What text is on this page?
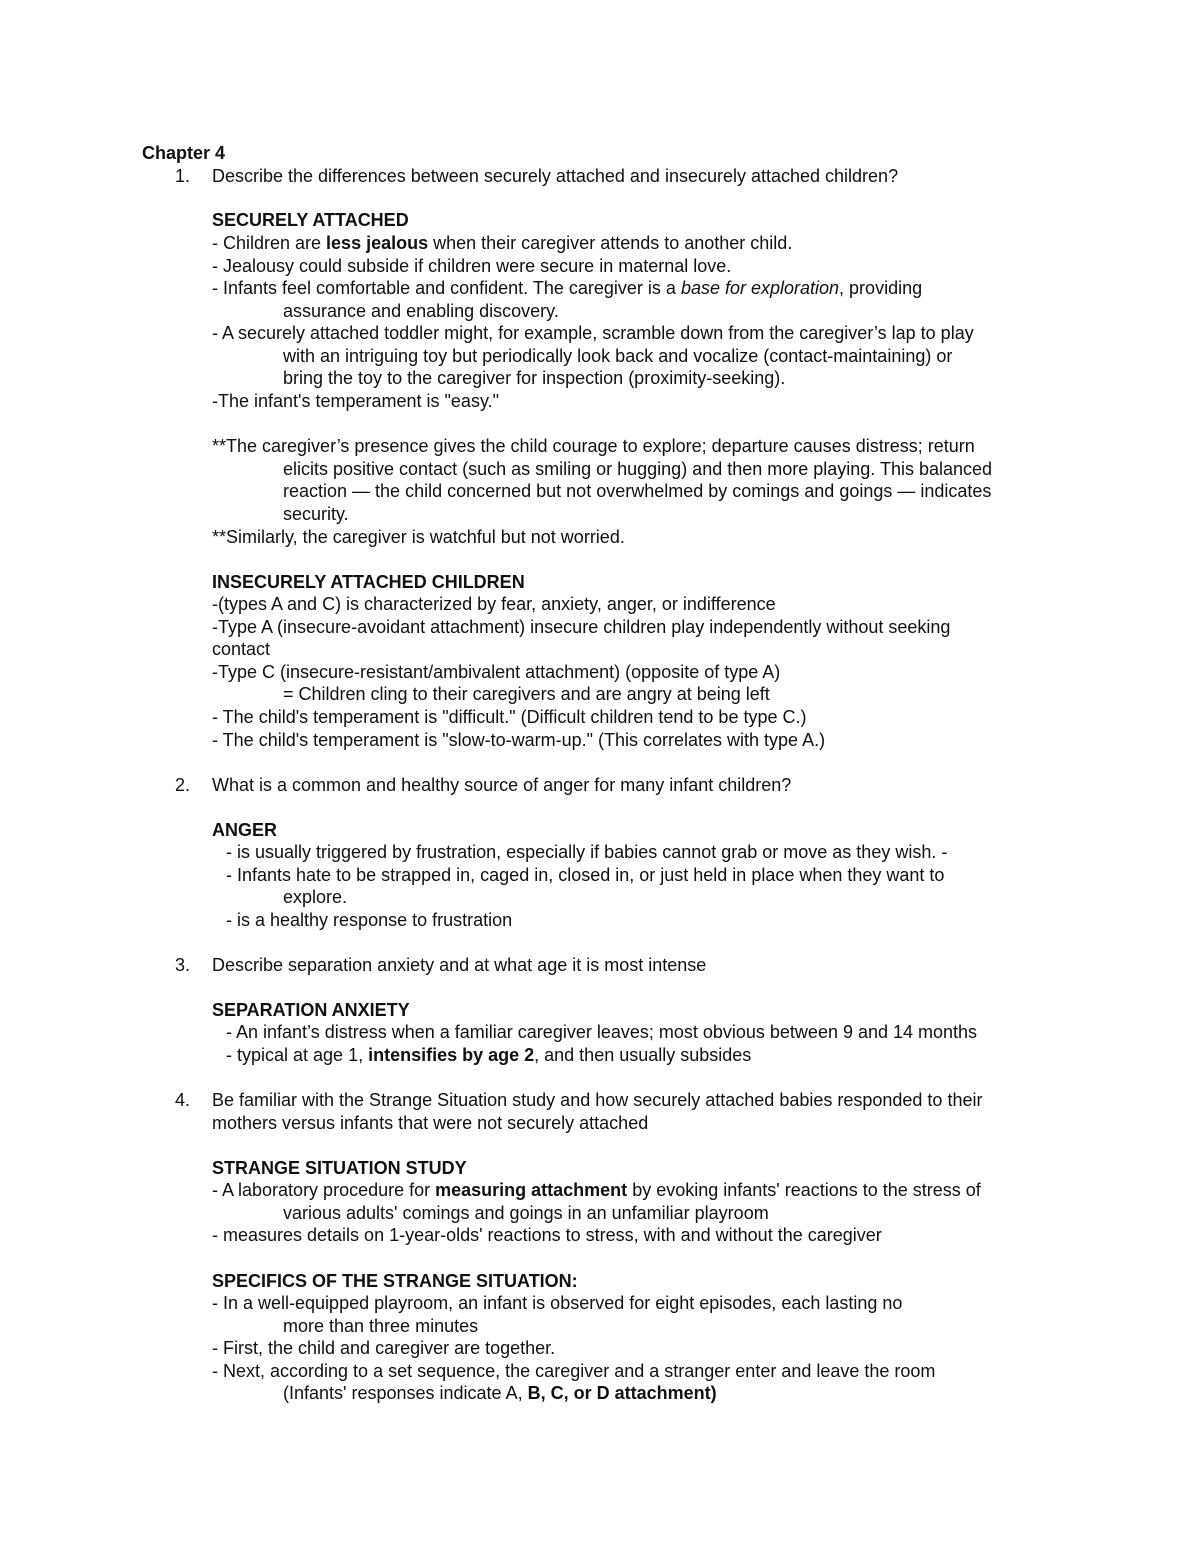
Chapter 4
1. Describe the differences between securely attached and insecurely attached children?
SECURELY ATTACHED
- Children are less jealous when their caregiver attends to another child.
- Jealousy could subside if children were secure in maternal love.
- Infants feel comfortable and confident. The caregiver is a base for exploration, providing
assurance and enabling discovery.
- A securely attached toddler might, for example, scramble down from the caregiver’s lap to play
with an intriguing toy but periodically look back and vocalize (contact-maintaining) or
bring the toy to the caregiver for inspection (proximity-seeking).
-The infant's temperament is "easy."
**The caregiver’s presence gives the child courage to explore; departure causes distress; return
elicits positive contact (such as smiling or hugging) and then more playing. This balanced
reaction — the child concerned but not overwhelmed by comings and goings — indicates
security.
**Similarly, the caregiver is watchful but not worried.
INSECURELY ATTACHED CHILDREN
-(types A and C) is characterized by fear, anxiety, anger, or indifference
-Type A (insecure-avoidant attachment) insecure children play independently without seeking
contact
-Type C (insecure-resistant/ambivalent attachment) (opposite of type A)
= Children cling to their caregivers and are angry at being left
- The child's temperament is "difficult." (Difficult children tend to be type C.)
- The child's temperament is "slow-to-warm-up." (This correlates with type A.)
2. What is a common and healthy source of anger for many infant children?
ANGER
- is usually triggered by frustration, especially if babies cannot grab or move as they wish. -
- Infants hate to be strapped in, caged in, closed in, or just held in place when they want to
explore.
- is a healthy response to frustration
3. Describe separation anxiety and at what age it is most intense
SEPARATION ANXIETY
- An infant’s distress when a familiar caregiver leaves; most obvious between 9 and 14 months
- typical at age 1, intensifies by age 2, and then usually subsides
4. Be familiar with the Strange Situation study and how securely attached babies responded to their
mothers versus infants that were not securely attached
STRANGE SITUATION STUDY
- A laboratory procedure for measuring attachment by evoking infants' reactions to the stress of
various adults' comings and goings in an unfamiliar playroom
- measures details on 1-year-olds' reactions to stress, with and without the caregiver
SPECIFICS OF THE STRANGE SITUATION:
- In a well-equipped playroom, an infant is observed for eight episodes, each lasting no
more than three minutes
- First, the child and caregiver are together.
- Next, according to a set sequence, the caregiver and a stranger enter and leave the room
(Infants' responses indicate A, B, C, or D attachment)
